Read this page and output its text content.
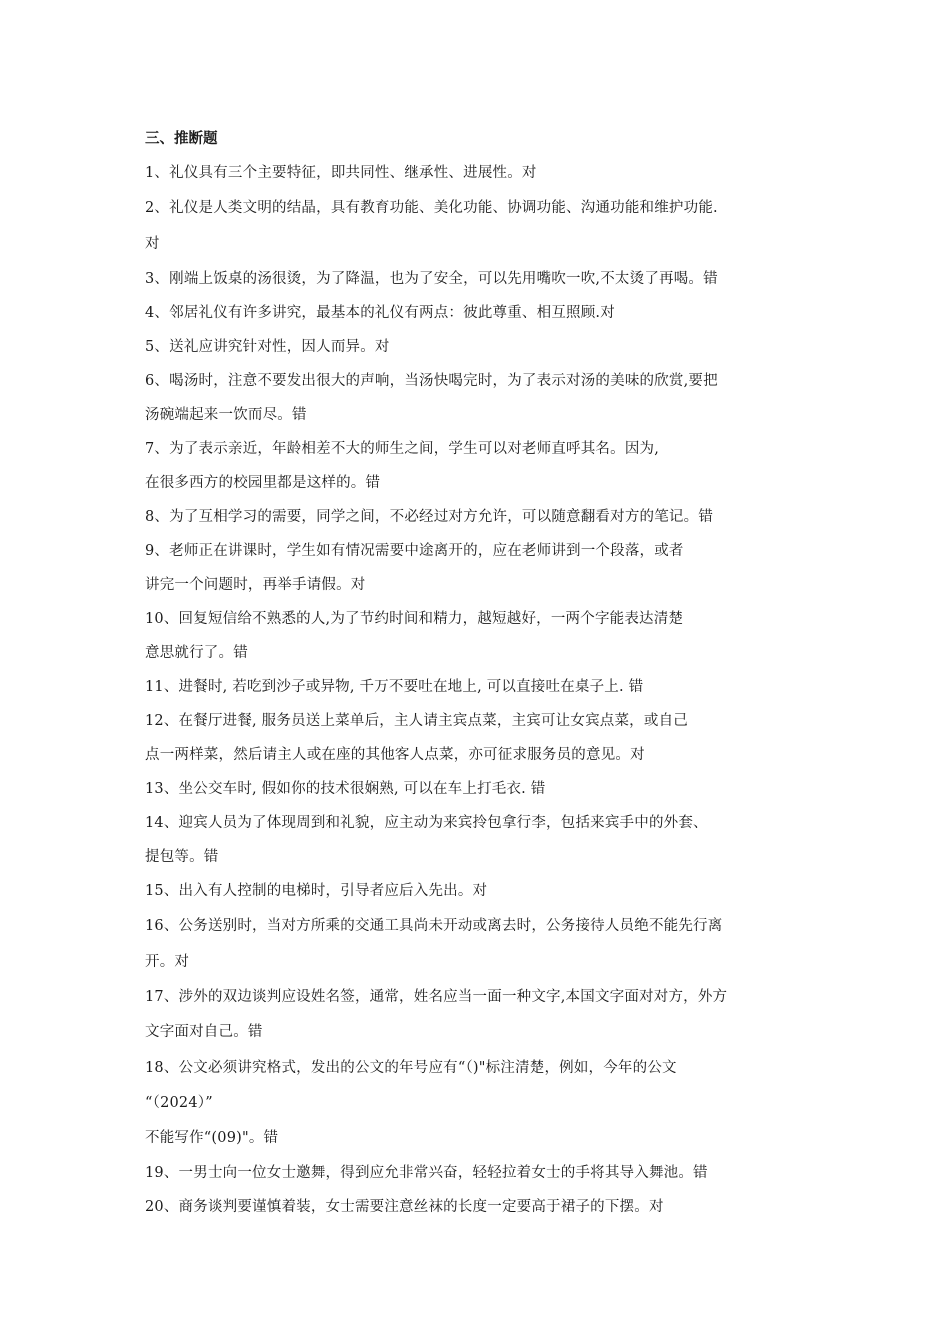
三、推断题
1、礼仪具有三个主要特征，即共同性、继承性、进展性。对
2、礼仪是人类文明的结晶，具有教育功能、美化功能、协调功能、沟通功能和维护功能.
对
3、刚端上饭桌的汤很烫，为了降温，也为了安全，可以先用嘴吹一吹,不太烫了再喝。错
4、邻居礼仪有许多讲究，最基本的礼仪有两点：彼此尊重、相互照顾.对
5、送礼应讲究针对性，因人而异。对
6、喝汤时，注意不要发出很大的声响，当汤快喝完时，为了表示对汤的美味的欣赏,要把
汤碗端起来一饮而尽。错
7、为了表示亲近，年龄相差不大的师生之间，学生可以对老师直呼其名。因为,
在很多西方的校园里都是这样的。错
8、为了互相学习的需要，同学之间，不必经过对方允许，可以随意翻看对方的笔记。错
9、老师正在讲课时，学生如有情况需要中途离开的，应在老师讲到一个段落，或者
讲完一个问题时，再举手请假。对
10、回复短信给不熟悉的人,为了节约时间和精力，越短越好，一两个字能表达清楚
意思就行了。错
11、进餐时, 若吃到沙子或异物, 千万不要吐在地上, 可以直接吐在桌子上. 错
12、在餐厅进餐, 服务员送上菜单后，主人请主宾点菜，主宾可让女宾点菜，或自己
点一两样菜，然后请主人或在座的其他客人点菜，亦可征求服务员的意见。对
13、坐公交车时, 假如你的技术很娴熟, 可以在车上打毛衣. 错
14、迎宾人员为了体现周到和礼貌，应主动为来宾拎包拿行李，包括来宾手中的外套、
提包等。错
15、出入有人控制的电梯时，引导者应后入先出。对
16、公务送别时，当对方所乘的交通工具尚未开动或离去时，公务接待人员绝不能先行离
开。对
17、涉外的双边谈判应设姓名签，通常，姓名应当一面一种文字,本国文字面对对方，外方
文字面对自己。错
18、公文必须讲究格式，发出的公文的年号应有“（)"标注清楚，例如，今年的公文
“（2024）”
不能写作“(09)"。错
19、一男士向一位女士邀舞，得到应允非常兴奋，轻轻拉着女士的手将其导入舞池。错
20、商务谈判要谨慎着装，女士需要注意丝袜的长度一定要高于裙子的下摆。对
